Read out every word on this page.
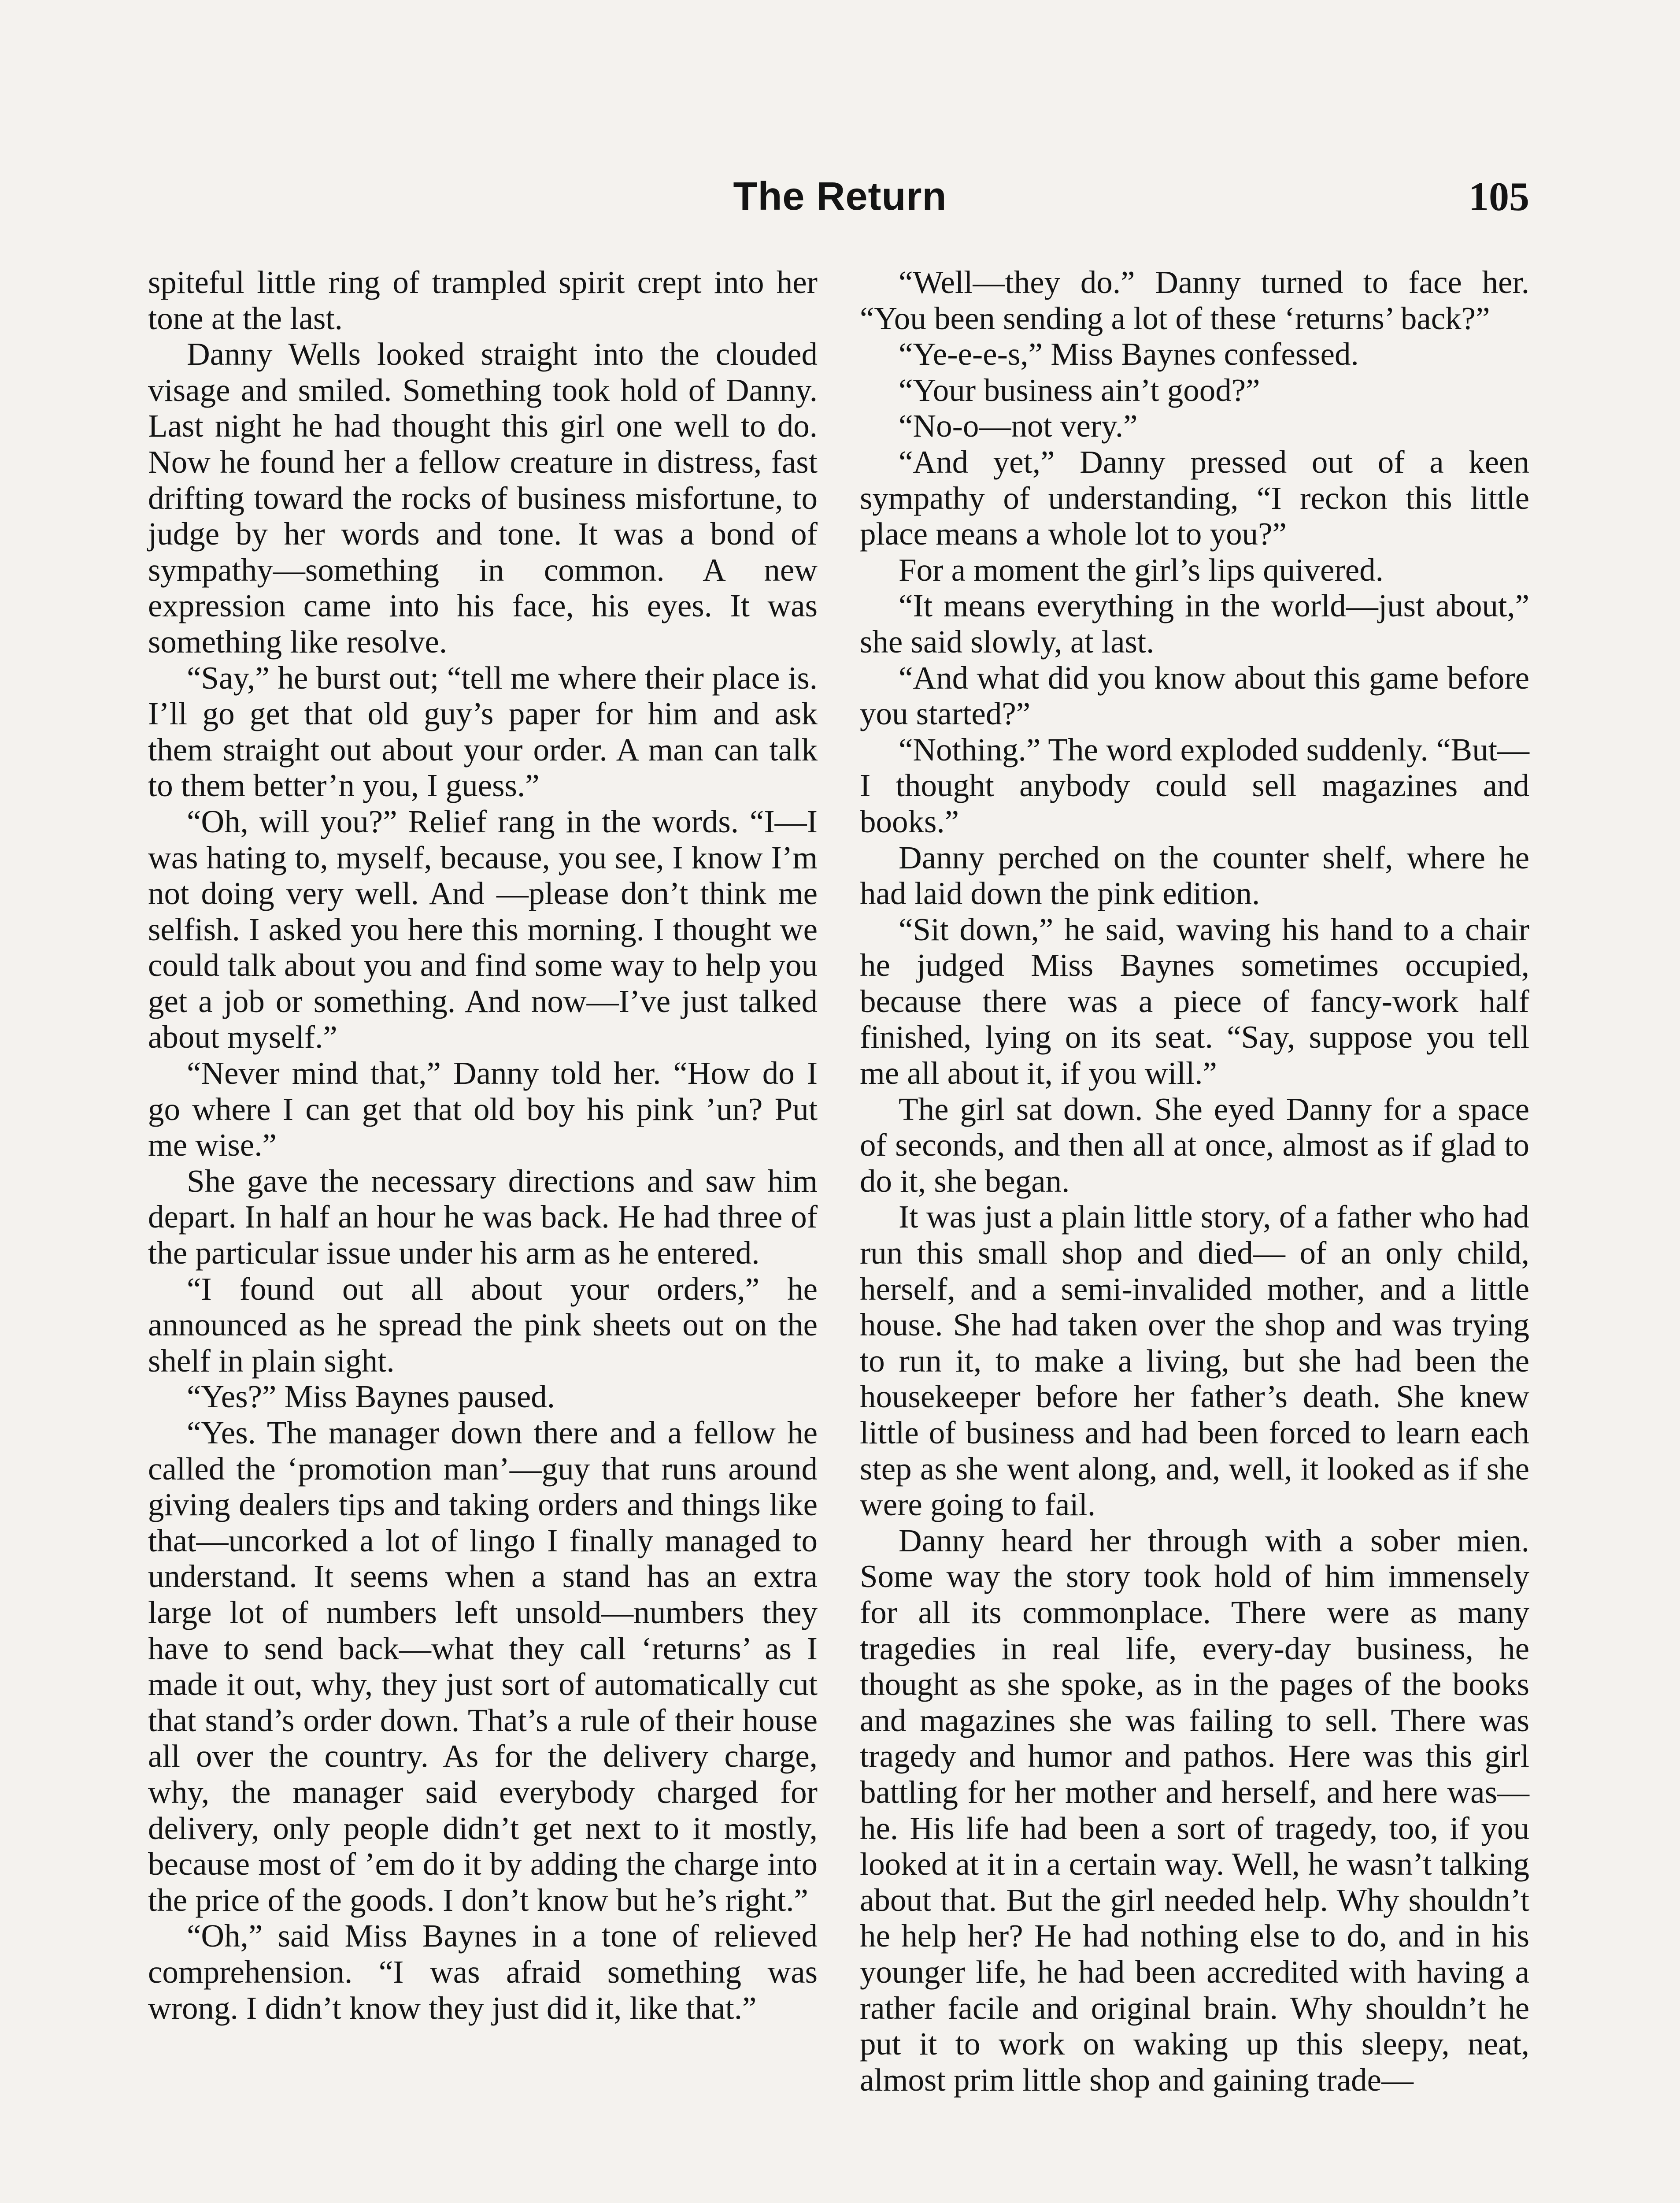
The Return	105

spiteful little ring of trampled spirit crept into her tone at the last.

Danny Wells looked straight into the clouded visage and smiled. Something took hold of Danny. Last night he had thought this girl one well to do. Now he found her a fellow creature in distress, fast drifting toward the rocks of business misfortune, to judge by her words and tone. It was a bond of sympathy—something in common. A new expression came into his face, his eyes. It was something like resolve.

“Say,” he burst out; “tell me where their place is. I’ll go get that old guy’s paper for him and ask them straight out about your order. A man can talk to them better’n you, I guess.”

“Oh, will you?” Relief rang in the words. “I—I was hating to, myself, because, you see, I know I’m not doing very well. And —please don’t think me selfish. I asked you here this morning. I thought we could talk about you and find some way to help you get a job or something. And now—I’ve just talked about myself.”

“Never mind that,” Danny told her. “How do I go where I can get that old boy his pink ’un? Put me wise.”

She gave the necessary directions and saw him depart. In half an hour he was back. He had three of the particular issue under his arm as he entered.

“I found out all about your orders,” he announced as he spread the pink sheets out on the shelf in plain sight.

“Yes?” Miss Baynes paused.

“Yes. The manager down there and a fellow he called the ‘promotion man’—guy that runs around giving dealers tips and taking orders and things like that—uncorked a lot of lingo I finally managed to understand. It seems when a stand has an extra large lot of numbers left unsold—numbers they have to send back—what they call ‘returns’ as I made it out, why, they just sort of automatically cut that stand’s order down. That’s a rule of their house all over the country. As for the delivery charge, why, the manager said everybody charged for delivery, only people didn’t get next to it mostly, because most of ’em do it by adding the charge into the price of the goods. I don’t know but he’s right.”

“Oh,” said Miss Baynes in a tone of relieved comprehension. “I was afraid something was wrong. I didn’t know they just did it, like that.”

“Well—they do.” Danny turned to face her. “You been sending a lot of these ‘returns’ back?”

“Ye-e-e-s,” Miss Baynes confessed.

“Your business ain’t good?”

“No-o—not very.”

“And yet,” Danny pressed out of a keen sympathy of understanding, “I reckon this little place means a whole lot to you?”

For a moment the girl’s lips quivered.

“It means everything in the world—just about,” she said slowly, at last.

“And what did you know about this game before you started?”

“Nothing.” The word exploded suddenly. “But—I thought anybody could sell magazines and books.”

Danny perched on the counter shelf, where he had laid down the pink edition.

“Sit down,” he said, waving his hand to a chair he judged Miss Baynes sometimes occupied, because there was a piece of fancy-work half finished, lying on its seat. “Say, suppose you tell me all about it, if you will.”

The girl sat down. She eyed Danny for a space of seconds, and then all at once, almost as if glad to do it, she began.

It was just a plain little story, of a father who had run this small shop and died— of an only child, herself, and a semi-invalided mother, and a little house. She had taken over the shop and was trying to run it, to make a living, but she had been the housekeeper before her father’s death. She knew little of business and had been forced to learn each step as she went along, and, well, it looked as if she were going to fail.

Danny heard her through with a sober mien. Some way the story took hold of him immensely for all its commonplace. There were as many tragedies in real life, every-day business, he thought as she spoke, as in the pages of the books and magazines she was failing to sell. There was tragedy and humor and pathos. Here was this girl battling for her mother and herself, and here was—he. His life had been a sort of tragedy, too, if you looked at it in a certain way. Well, he wasn’t talking about that. But the girl needed help. Why shouldn’t he help her? He had nothing else to do, and in his younger life, he had been accredited with having a rather facile and original brain. Why shouldn’t he put it to work on waking up this sleepy, neat, almost prim little shop and gaining trade—
